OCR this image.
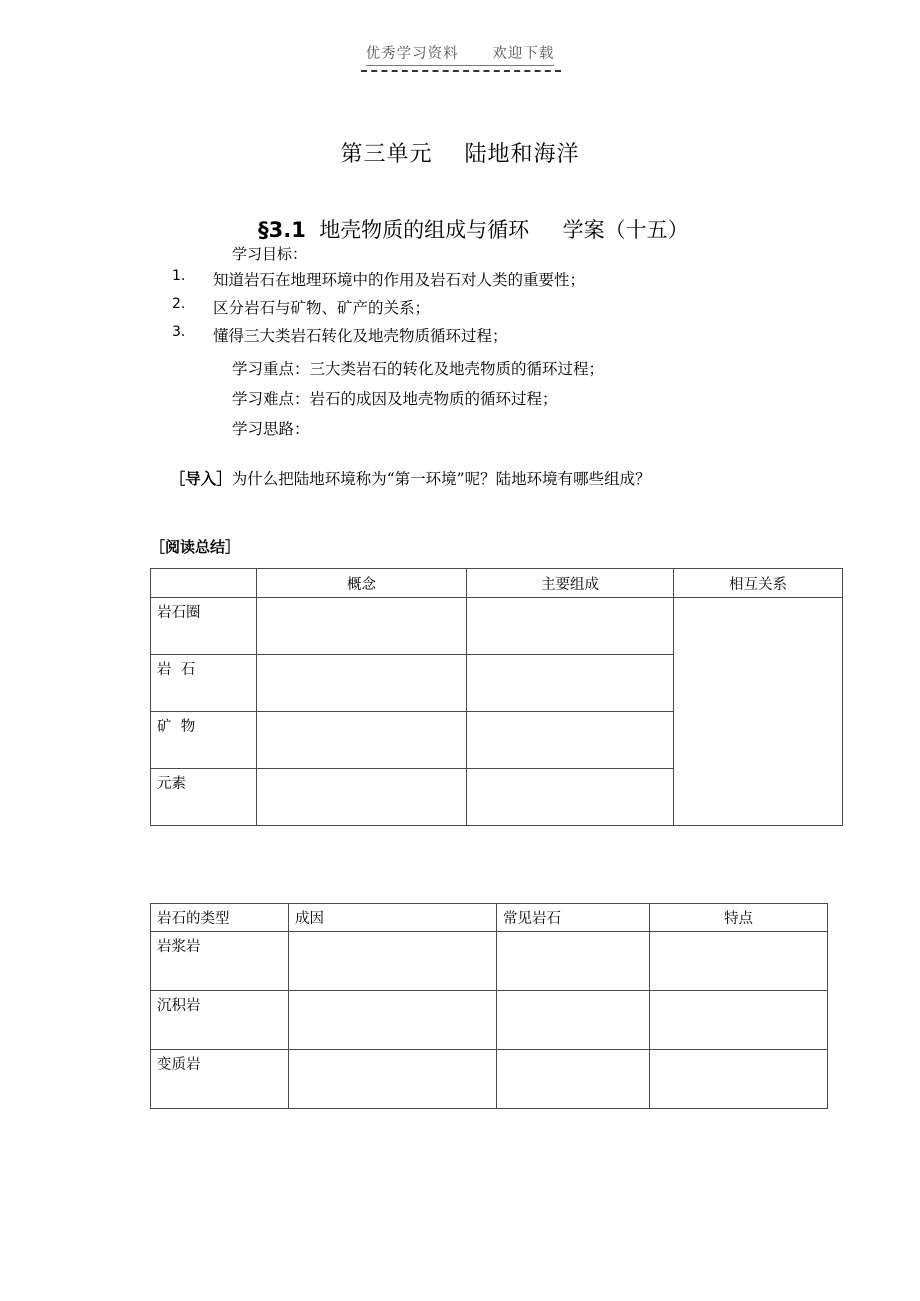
优秀学习资料      欢迎下载
第三单元    陆地和海洋

§3.1 地壳物质的组成与循环 学案（十五）

学习目标：

1.

知道岩石在地理环境中的作用及岩石对人类的重要性；

2.

区分岩石与矿物、矿产的关系；

3.

懂得三大类岩石转化及地壳物质循环过程；

学习重点：三大类岩石的转化及地壳物质的循环过程；
学习难点：岩石的成因及地壳物质的循环过程；
学习思路：

［导入］为什么把陆地环境称为“第一环境”呢？陆地环境有哪些组成？

［阅读总结］
	概念	主要组成	相互关系
岩石圈			
岩  石			
矿  物			
元素			
岩石的类型	成因	常见岩石	特点
岩浆岩			
沉积岩			
变质岩			
